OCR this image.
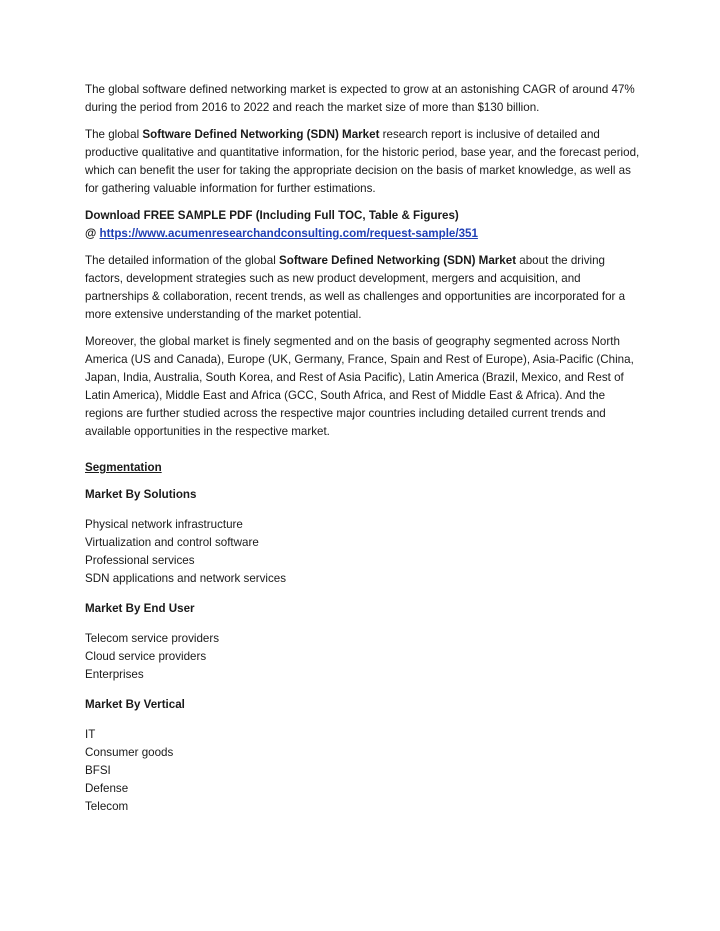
The global software defined networking market is expected to grow at an astonishing CAGR of around 47% during the period from 2016 to 2022 and reach the market size of more than $130 billion.

The global Software Defined Networking (SDN) Market research report is inclusive of detailed and productive qualitative and quantitative information, for the historic period, base year, and the forecast period, which can benefit the user for taking the appropriate decision on the basis of market knowledge, as well as for gathering valuable information for further estimations.

Download FREE SAMPLE PDF (Including Full TOC, Table & Figures)
@ https://www.acumenresearchandconsulting.com/request-sample/351

The detailed information of the global Software Defined Networking (SDN) Market about the driving factors, development strategies such as new product development, mergers and acquisition, and partnerships & collaboration, recent trends, as well as challenges and opportunities are incorporated for a more extensive understanding of the market potential.

Moreover, the global market is finely segmented and on the basis of geography segmented across North America (US and Canada), Europe (UK, Germany, France, Spain and Rest of Europe), Asia-Pacific (China, Japan, India, Australia, South Korea, and Rest of Asia Pacific), Latin America (Brazil, Mexico, and Rest of Latin America), Middle East and Africa (GCC, South Africa, and Rest of Middle East & Africa). And the regions are further studied across the respective major countries including detailed current trends and available opportunities in the respective market.

Segmentation

Market By Solutions

Physical network infrastructure
Virtualization and control software
Professional services
SDN applications and network services

Market By End User

Telecom service providers
Cloud service providers
Enterprises

Market By Vertical

IT
Consumer goods
BFSI
Defense
Telecom
